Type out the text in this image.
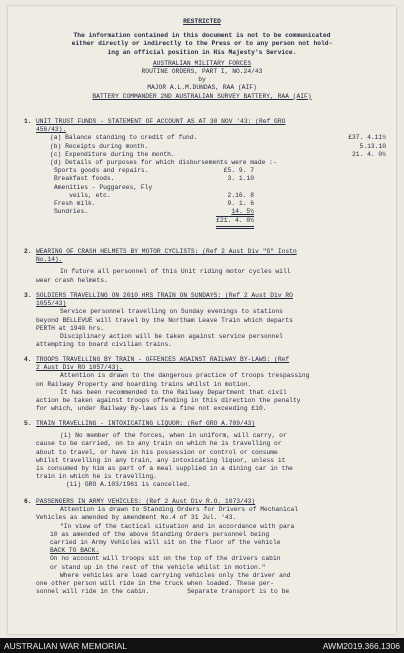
RESTRICTED
The information contained in this document is not to be communicated
either directly or indirectly to the Press or to any person not hold-
ing an official position in His Majesty's Service.
AUSTRALIAN MILITARY FORCES
ROUTINE ORDERS, PART I, NO.24/43
by
MAJOR A.L.M.DUNDAS, RAA (AIF)
BATTERY COMMANDER 2ND AUSTRALIAN SURVEY BATTERY, RAA (AIF)
1. UNIT TRUST FUNDS - STATEMENT OF ACCOUNT AS AT 30 NOV '43: (Ref GRO
456/43).
(a) Balance standing to credit of fund.	£37. 4.11½
(b) Receipts during month.	5.13.10
(c) Expenditure during the month.	21. 4. 0½
(d) Details of purposes for which disbursements were made :-
Sports goods and repairs.	£5. 9. 7
Breakfast foods.	3. 1.10
Amenities - Puggarees, Fly
veils, etc.	2.16. 8
Fresh milk.	9. 1. 6
Sundries.	14. 5½
£21. 4. 0½
2. WEARING OF CRASH HELMETS BY MOTOR CYCLISTS: (Ref 2 Aust Div "G" Instn
No.14).
In future all personnel of this Unit riding motor cycles will
wear crash helmets.
3. SOLDIERS TRAVELLING ON 2010 HRS TRAIN ON SUNDAYS: (Ref 2 Aust Div RO
1055/43)
Service personnel travelling on Sunday evenings to stations
beyond BELLEVUE will travel by the Northam Leave Train which departs
PERTH at 1940 hrs.
Disciplinary action will be taken against service personnel
attempting to board civilian trains.
4. TROOPS TRAVELLING BY TRAIN - OFFENCES AGAINST RAILWAY BY-LAWS: (Ref
2 Aust Div RO 1057/43).
Attention is drawn to the dangerous practice of troops trespassing
on Railway Property and boarding trains whilst in motion.
It has been recommended to the Railway Department that civil
action be taken against troops offending in this direction the penalty
for which, under Railway By-laws is a fine not exceeding £10.
5. TRAIN TRAVELLING - INTOXICATING LIQUOR: (Ref GRO A.789/43)
(i) No member of the forces, when in uniform, will carry, or
cause to be carried, on to any train on which he is travelling or
about to travel, or have in his possession or control or consume
whilst travelling in any train, any intoxicating liquor, unless it
is consumed by him as part of a meal supplied in a dining car in the
train in which he is travelling.
(ii) GRO A.103/1961 is cancelled.
6. PASSENGERS IN ARMY VEHICLES: (Ref 2 Aust Div R.O. 1073/43)
Attention is drawn to Standing Orders for Drivers of Mechanical
Vehicles as amended by amendment No.4 of 31 Jul. '43.
"In view of the tactical situation and in accordance with para
10 as amended of the above Standing Orders personnel being
carried in Army Vehicles will sit on the floor of the vehicle
BACK TO BACK.
On no account will troops sit on the top of the drivers cabin
or stand up in the rest of the vehicle whilst in motion."
Where vehicles are load carrying vehicles only the driver and
one other person will ride in the truck when loaded. These per-
sonnel will ride in the cabin.          Separate transport is to be
AUSTRALIAN WAR MEMORIAL	AWM2019.366.1306
